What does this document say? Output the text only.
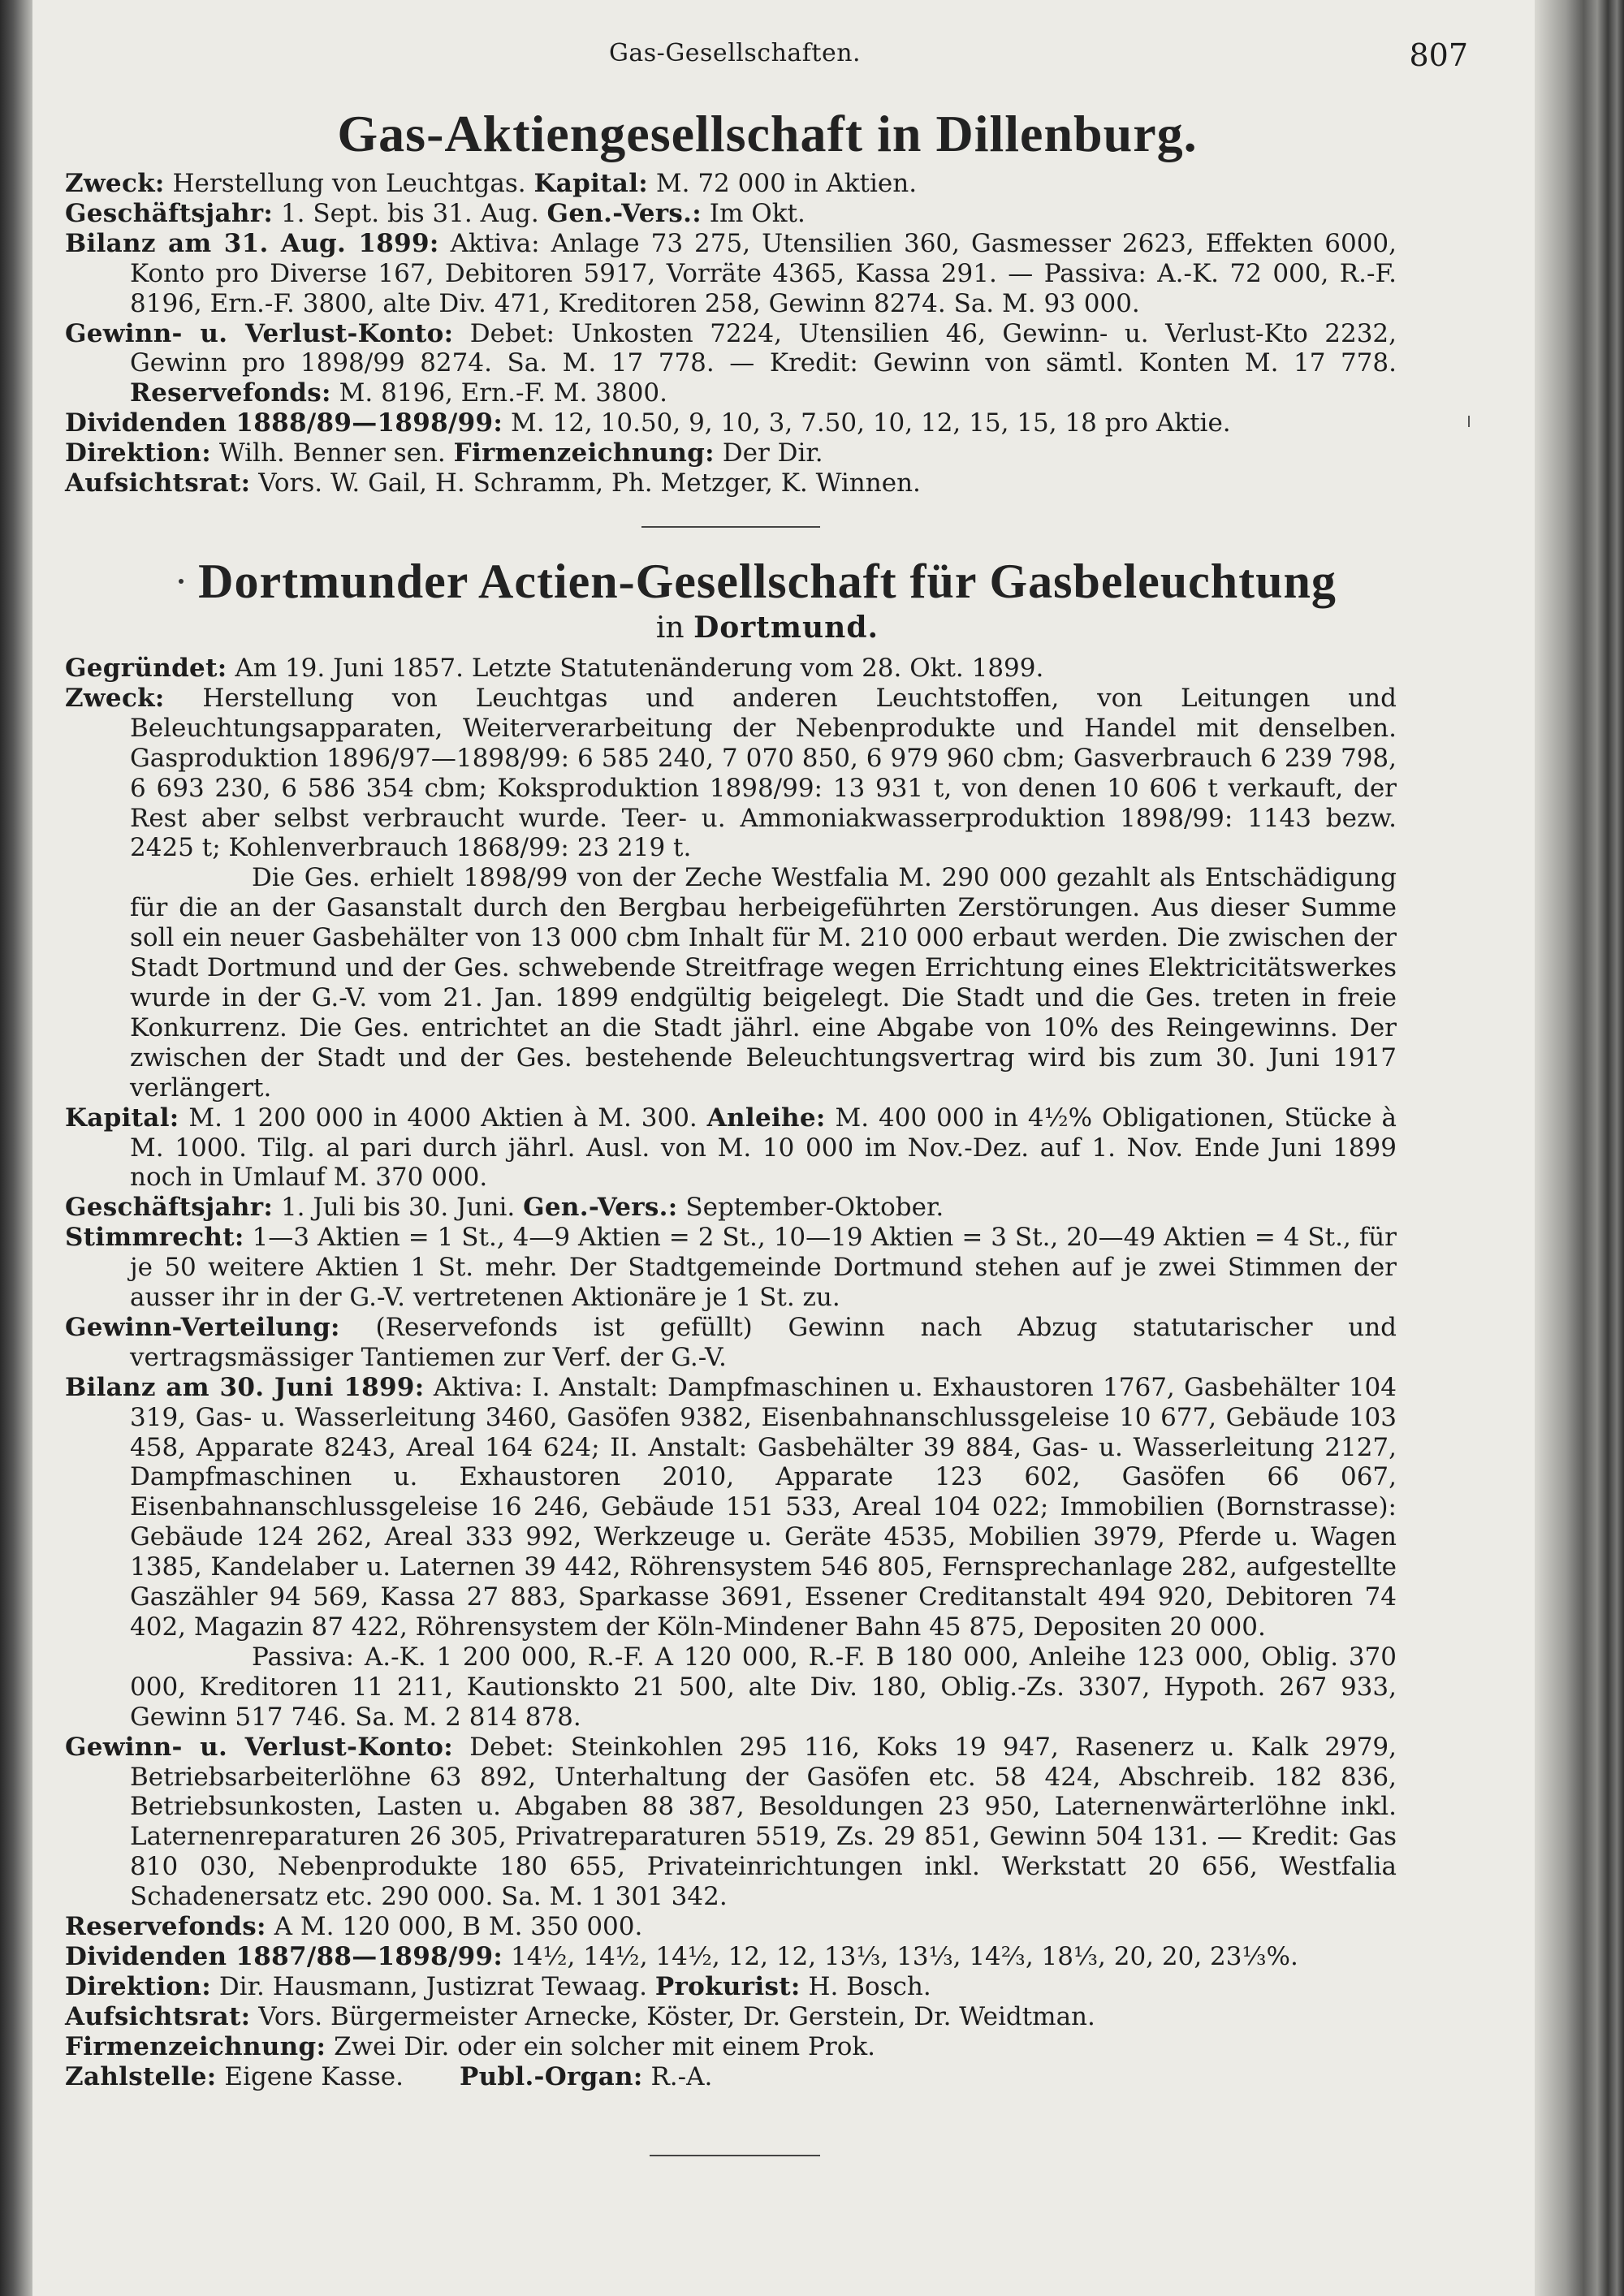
Gas-Gesellschaften.	807
Gas-Aktiengesellschaft in Dillenburg.

Zweck: Herstellung von Leuchtgas. Kapital: M. 72 000 in Aktien.

Geschäftsjahr: 1. Sept. bis 31. Aug. Gen.-Vers.: Im Okt.

Bilanz am 31. Aug. 1899: Aktiva: Anlage 73 275, Utensilien 360, Gasmesser 2623, Effekten 6000, Konto pro Diverse 167, Debitoren 5917, Vorräte 4365, Kassa 291. — Passiva: A.-K. 72 000, R.-F. 8196, Ern.-F. 3800, alte Div. 471, Kreditoren 258, Gewinn 8274. Sa. M. 93 000.

Gewinn- u. Verlust-Konto: Debet: Unkosten 7224, Utensilien 46, Gewinn- u. Verlust-Kto 2232, Gewinn pro 1898/99 8274. Sa. M. 17 778. — Kredit: Gewinn von sämtl. Konten M. 17 778. Reservefonds: M. 8196, Ern.-F. M. 3800.

Dividenden 1888/89—1898/99: M. 12, 10.50, 9, 10, 3, 7.50, 10, 12, 15, 15, 18 pro Aktie.

Direktion: Wilh. Benner sen. Firmenzeichnung: Der Dir.

Aufsichtsrat: Vors. W. Gail, H. Schramm, Ph. Metzger, K. Winnen.

Dortmunder Actien-Gesellschaft für Gasbeleuchtung
in Dortmund.

Gegründet: Am 19. Juni 1857. Letzte Statutenänderung vom 28. Okt. 1899.

Zweck: Herstellung von Leuchtgas und anderen Leuchtstoffen, von Leitungen und Beleuchtungsapparaten, Weiterverarbeitung der Nebenprodukte und Handel mit denselben. Gasproduktion 1896/97—1898/99: 6 585 240, 7 070 850, 6 979 960 cbm; Gasverbrauch 6 239 798, 6 693 230, 6 586 354 cbm; Koksproduktion 1898/99: 13 931 t, von denen 10 606 t verkauft, der Rest aber selbst verbraucht wurde. Teer- u. Ammoniakwasserproduktion 1898/99: 1143 bezw. 2425 t; Kohlenverbrauch 1868/99: 23 219 t.

Die Ges. erhielt 1898/99 von der Zeche Westfalia M. 290 000 gezahlt als Entschädigung für die an der Gasanstalt durch den Bergbau herbeigeführten Zerstörungen. Aus dieser Summe soll ein neuer Gasbehälter von 13 000 cbm Inhalt für M. 210 000 erbaut werden. Die zwischen der Stadt Dortmund und der Ges. schwebende Streitfrage wegen Errichtung eines Elektricitätswerkes wurde in der G.-V. vom 21. Jan. 1899 endgültig beigelegt. Die Stadt und die Ges. treten in freie Konkurrenz. Die Ges. entrichtet an die Stadt jährl. eine Abgabe von 10% des Reingewinns. Der zwischen der Stadt und der Ges. bestehende Beleuchtungsvertrag wird bis zum 30. Juni 1917 verlängert.

Kapital: M. 1 200 000 in 4000 Aktien à M. 300. Anleihe: M. 400 000 in 4½% Obligationen, Stücke à M. 1000. Tilg. al pari durch jährl. Ausl. von M. 10 000 im Nov.-Dez. auf 1. Nov. Ende Juni 1899 noch in Umlauf M. 370 000.

Geschäftsjahr: 1. Juli bis 30. Juni. Gen.-Vers.: September-Oktober.

Stimmrecht: 1—3 Aktien = 1 St., 4—9 Aktien = 2 St., 10—19 Aktien = 3 St., 20—49 Aktien = 4 St., für je 50 weitere Aktien 1 St. mehr. Der Stadtgemeinde Dortmund stehen auf je zwei Stimmen der ausser ihr in der G.-V. vertretenen Aktionäre je 1 St. zu.

Gewinn-Verteilung: (Reservefonds ist gefüllt) Gewinn nach Abzug statutarischer und vertragsmässiger Tantiemen zur Verf. der G.-V.

Bilanz am 30. Juni 1899: Aktiva: I. Anstalt: Dampfmaschinen u. Exhaustoren 1767, Gasbehälter 104 319, Gas- u. Wasserleitung 3460, Gasöfen 9382, Eisenbahnanschlussgeleise 10 677, Gebäude 103 458, Apparate 8243, Areal 164 624; II. Anstalt: Gasbehälter 39 884, Gas- u. Wasserleitung 2127, Dampfmaschinen u. Exhaustoren 2010, Apparate 123 602, Gasöfen 66 067, Eisenbahnanschlussgeleise 16 246, Gebäude 151 533, Areal 104 022; Immobilien (Bornstrasse): Gebäude 124 262, Areal 333 992, Werkzeuge u. Geräte 4535, Mobilien 3979, Pferde u. Wagen 1385, Kandelaber u. Laternen 39 442, Röhrensystem 546 805, Fernsprechanlage 282, aufgestellte Gaszähler 94 569, Kassa 27 883, Sparkasse 3691, Essener Creditanstalt 494 920, Debitoren 74 402, Magazin 87 422, Röhrensystem der Köln-Mindener Bahn 45 875, Depositen 20 000.

Passiva: A.-K. 1 200 000, R.-F. A 120 000, R.-F. B 180 000, Anleihe 123 000, Oblig. 370 000, Kreditoren 11 211, Kautionskto 21 500, alte Div. 180, Oblig.-Zs. 3307, Hypoth. 267 933, Gewinn 517 746. Sa. M. 2 814 878.

Gewinn- u. Verlust-Konto: Debet: Steinkohlen 295 116, Koks 19 947, Rasenerz u. Kalk 2979, Betriebsarbeiterlöhne 63 892, Unterhaltung der Gasöfen etc. 58 424, Abschreib. 182 836, Betriebsunkosten, Lasten u. Abgaben 88 387, Besoldungen 23 950, Laternenwärterlöhne inkl. Laternenreparaturen 26 305, Privatreparaturen 5519, Zs. 29 851, Gewinn 504 131. — Kredit: Gas 810 030, Nebenprodukte 180 655, Privateinrichtungen inkl. Werkstatt 20 656, Westfalia Schadenersatz etc. 290 000. Sa. M. 1 301 342.

Reservefonds: A M. 120 000, B M. 350 000.

Dividenden 1887/88—1898/99: 14½, 14½, 14½, 12, 12, 13⅓, 13⅓, 14⅔, 18⅓, 20, 20, 23⅓%.

Direktion: Dir. Hausmann, Justizrat Tewaag. Prokurist: H. Bosch.

Aufsichtsrat: Vors. Bürgermeister Arnecke, Köster, Dr. Gerstein, Dr. Weidtman.

Firmenzeichnung: Zwei Dir. oder ein solcher mit einem Prok.

Zahlstelle: Eigene Kasse. Publ.-Organ: R.-A.
